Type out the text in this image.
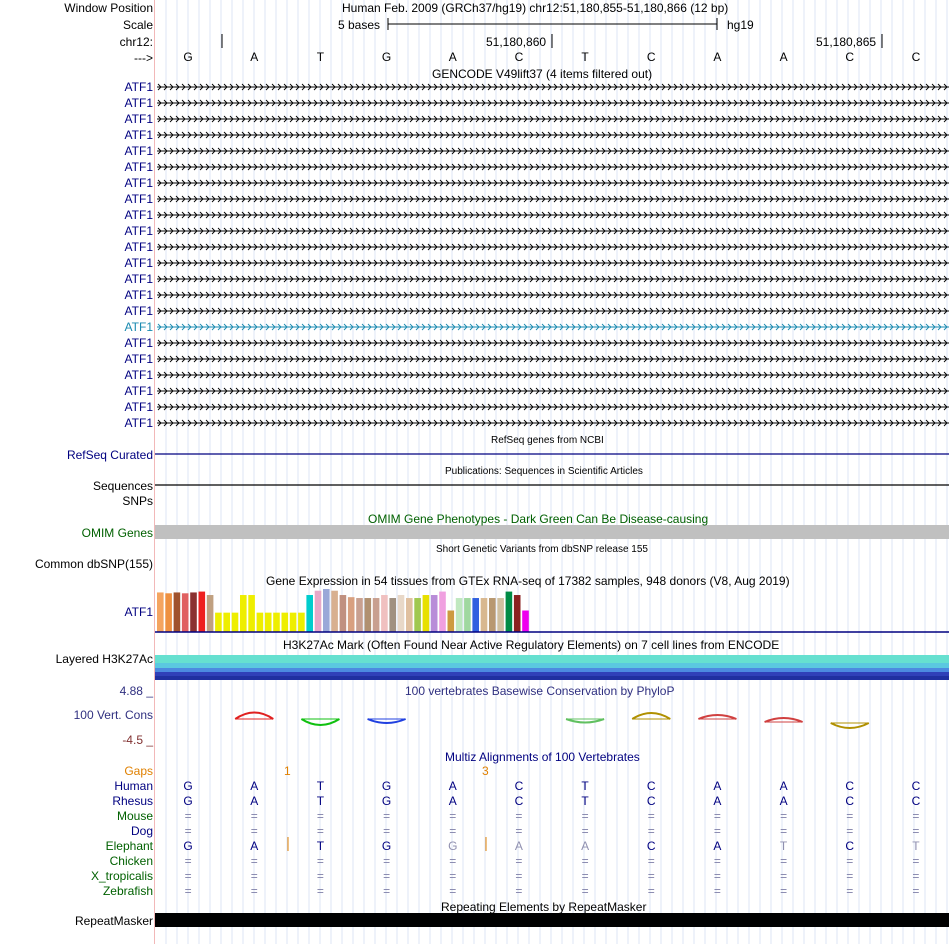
Window Position	Human Feb. 2009 (GRCh37/hg19) chr12:51,180,855-51,180,866 (12 bp)
Scale	5 bases	hg19
chr12:	51,180,860	51,180,865
--->	G	A	T	G	A	C	T	C	A	A	C	C
GENCODE V49lift37 (4 items filtered out)
ATF1
ATF1
ATF1
ATF1
ATF1
ATF1
ATF1
ATF1
ATF1
ATF1
ATF1
ATF1
ATF1
ATF1
ATF1
ATF1
ATF1
ATF1
ATF1
ATF1
ATF1
ATF1
RefSeq genes from NCBI
RefSeq Curated
Publications: Sequences in Scientific Articles
Sequences
SNPs
OMIM Gene Phenotypes - Dark Green Can Be Disease-causing
OMIM Genes
Short Genetic Variants from dbSNP release 155
Common dbSNP(155)
Gene Expression in 54 tissues from GTEx RNA-seq of 17382 samples, 948 donors (V8, Aug 2019)
ATF1
H3K27Ac Mark (Often Found Near Active Regulatory Elements) on 7 cell lines from ENCODE
Layered H3K27Ac
100 vertebrates Basewise Conservation by PhyloP
4.88 _
100 Vert. Cons
-4.5 _
Multiz Alignments of 100 Vertebrates
Gaps	1	3
Human	G	A	T	G	A	C	T	C	A	A	C	C
Rhesus	G	A	T	G	A	C	T	C	A	A	C	C
Mouse	=	=	=	=	=	=	=	=	=	=	=	=
Dog	=	=	=	=	=	=	=	=	=	=	=	=
Elephant	G	A	T	G	G	A	A	C	A	T	C	T
Chicken	=	=	=	=	=	=	=	=	=	=	=	=
X_tropicalis	=	=	=	=	=	=	=	=	=	=	=	=
Zebrafish	=	=	=	=	=	=	=	=	=	=	=	=
Repeating Elements by RepeatMasker
RepeatMasker
